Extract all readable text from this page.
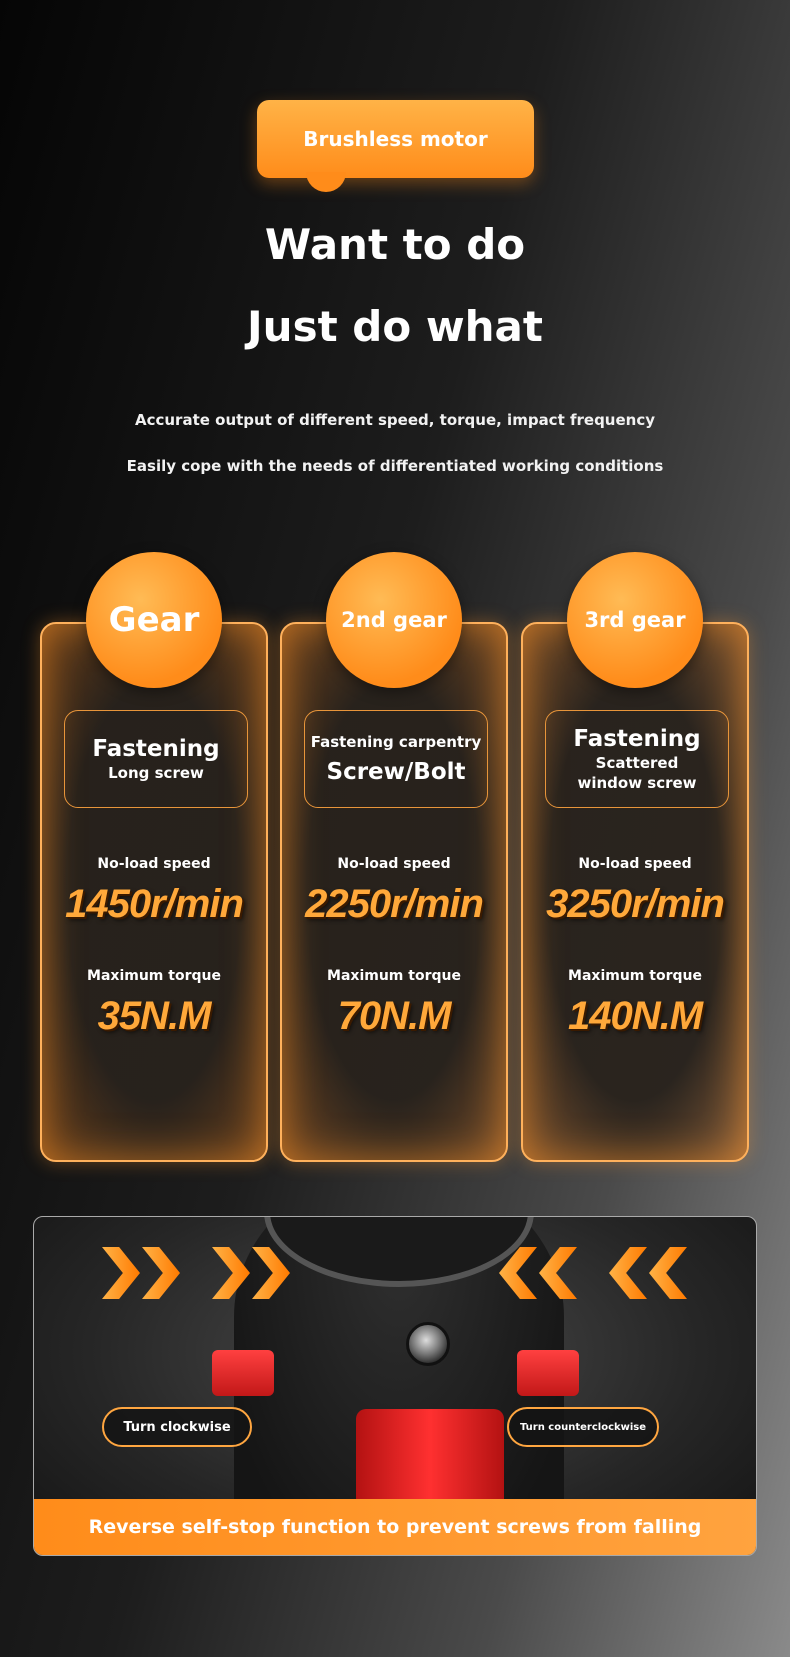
Brushless motor
Want to do
Just do what
Accurate output of different speed, torque, impact frequency
Easily cope with the needs of differentiated working conditions
Gear
Fastening
Long screw
No-load speed
1450r/min
Maximum torque
35N.M
2nd gear
Fastening carpentry
Screw/Bolt
No-load speed
2250r/min
Maximum torque
70N.M
3rd gear
Fastening
Scattered window screw
No-load speed
3250r/min
Maximum torque
140N.M
Turn clockwise	Turn counterclockwise
Reverse self-stop function to prevent screws from falling
